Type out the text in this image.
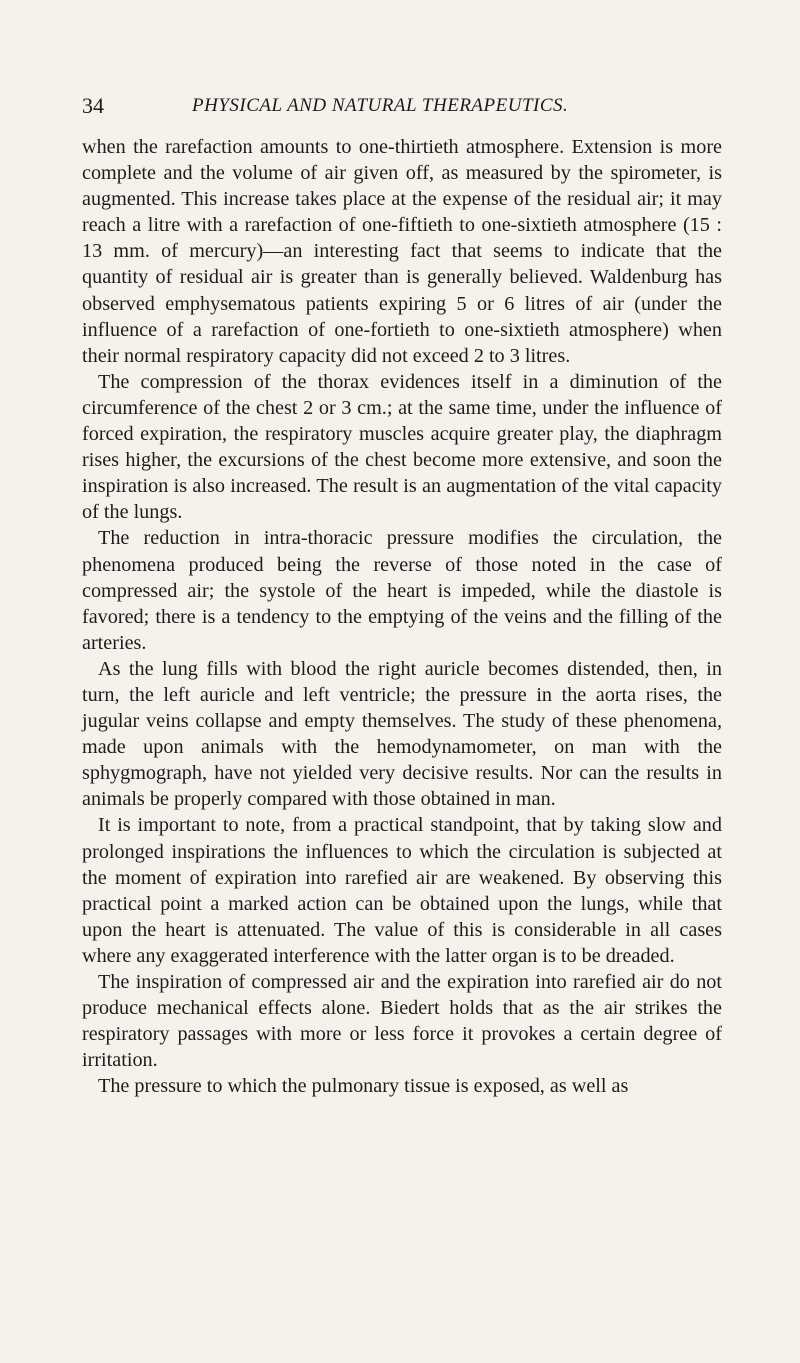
34	PHYSICAL AND NATURAL THERAPEUTICS.

when the rarefaction amounts to one-thirtieth atmosphere. Extension is more complete and the volume of air given off, as measured by the spirometer, is augmented. This increase takes place at the expense of the residual air; it may reach a litre with a rarefaction of one-fiftieth to one-sixtieth atmosphere (15 : 13 mm. of mercury)—an interesting fact that seems to indicate that the quantity of residual air is greater than is generally believed. Waldenburg has observed emphysematous patients expiring 5 or 6 litres of air (under the influence of a rarefaction of one-fortieth to one-sixtieth atmosphere) when their normal respiratory capacity did not exceed 2 to 3 litres.

The compression of the thorax evidences itself in a diminution of the circumference of the chest 2 or 3 cm.; at the same time, under the influence of forced expiration, the respiratory muscles acquire greater play, the diaphragm rises higher, the excursions of the chest become more extensive, and soon the inspiration is also increased. The result is an augmentation of the vital capacity of the lungs.

The reduction in intra-thoracic pressure modifies the circulation, the phenomena produced being the reverse of those noted in the case of compressed air; the systole of the heart is impeded, while the diastole is favored; there is a tendency to the emptying of the veins and the filling of the arteries.

As the lung fills with blood the right auricle becomes distended, then, in turn, the left auricle and left ventricle; the pressure in the aorta rises, the jugular veins collapse and empty themselves. The study of these phenomena, made upon animals with the hemodynamometer, on man with the sphygmograph, have not yielded very decisive results. Nor can the results in animals be properly compared with those obtained in man.

It is important to note, from a practical standpoint, that by taking slow and prolonged inspirations the influences to which the circulation is subjected at the moment of expiration into rarefied air are weakened. By observing this practical point a marked action can be obtained upon the lungs, while that upon the heart is attenuated. The value of this is considerable in all cases where any exaggerated interference with the latter organ is to be dreaded.

The inspiration of compressed air and the expiration into rarefied air do not produce mechanical effects alone. Biedert holds that as the air strikes the respiratory passages with more or less force it provokes a certain degree of irritation.

The pressure to which the pulmonary tissue is exposed, as well as
